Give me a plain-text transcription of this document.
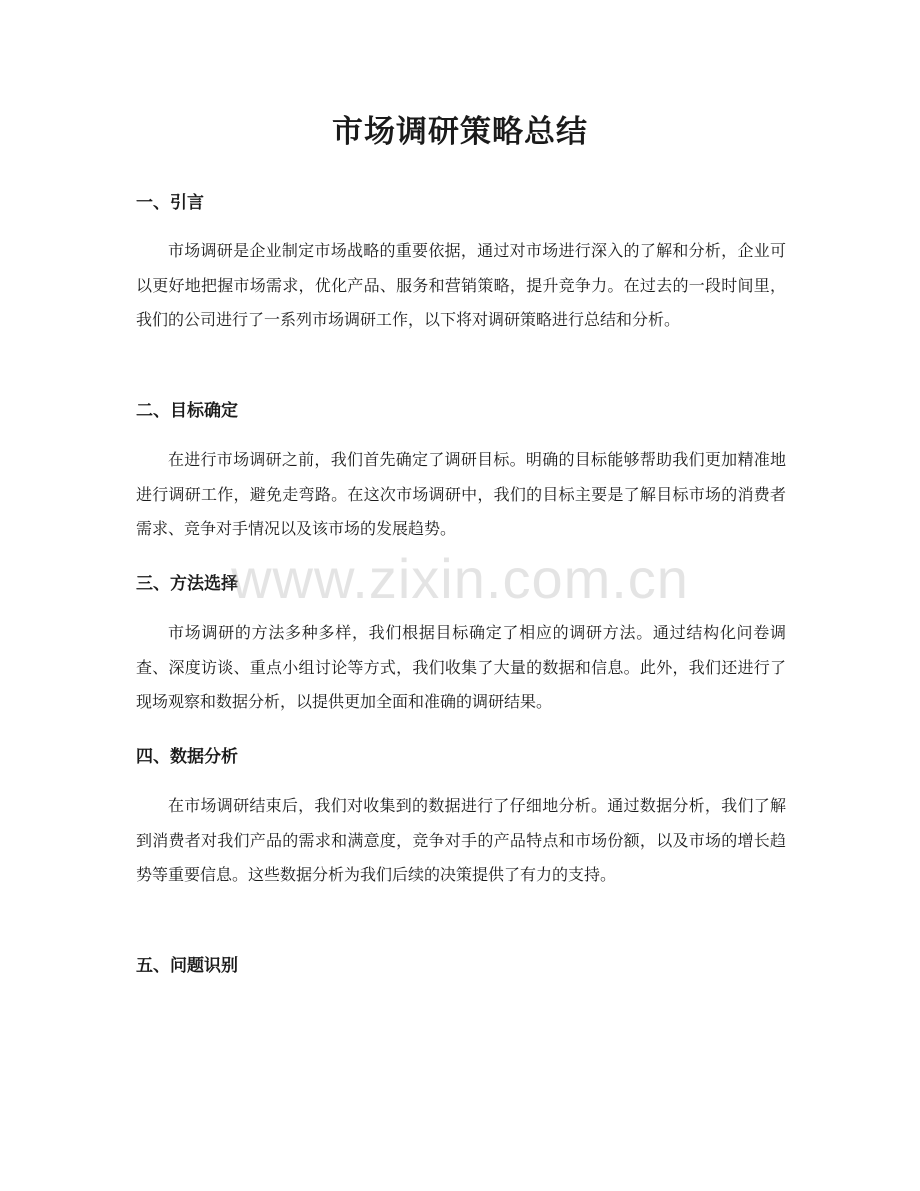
市场调研策略总结
一、引言

市场调研是企业制定市场战略的重要依据，通过对市场进行深入的了解和分析，企业可以更好地把握市场需求，优化产品、服务和营销策略，提升竞争力。在过去的一段时间里，我们的公司进行了一系列市场调研工作，以下将对调研策略进行总结和分析。

二、目标确定

在进行市场调研之前，我们首先确定了调研目标。明确的目标能够帮助我们更加精准地进行调研工作，避免走弯路。在这次市场调研中，我们的目标主要是了解目标市场的消费者需求、竞争对手情况以及该市场的发展趋势。

三、方法选择

市场调研的方法多种多样，我们根据目标确定了相应的调研方法。通过结构化问卷调查、深度访谈、重点小组讨论等方式，我们收集了大量的数据和信息。此外，我们还进行了现场观察和数据分析，以提供更加全面和准确的调研结果。

四、数据分析

在市场调研结束后，我们对收集到的数据进行了仔细地分析。通过数据分析，我们了解到消费者对我们产品的需求和满意度，竞争对手的产品特点和市场份额，以及市场的增长趋势等重要信息。这些数据分析为我们后续的决策提供了有力的支持。

五、问题识别
www.zixin.com.cn
